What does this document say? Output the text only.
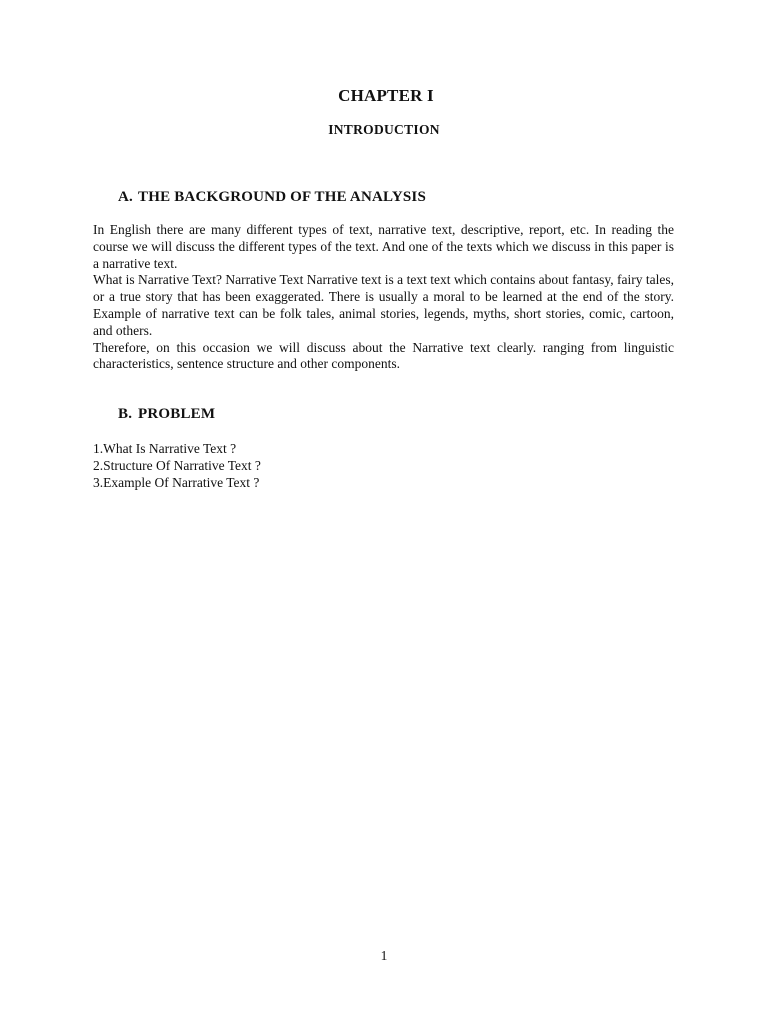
CHAPTER I
INTRODUCTION
A. THE BACKGROUND OF THE ANALYSIS

In English there are many different types of text, narrative text, descriptive, report, etc. In reading the course we will discuss the different types of the text. And one of the texts which we discuss in this paper is a narrative text.

What is Narrative Text? Narrative Text Narrative text is a text text which contains about fantasy, fairy tales, or a true story that has been exaggerated. There is usually a moral to be learned at the end of the story. Example of narrative text can be folk tales, animal stories, legends, myths, short stories, comic, cartoon, and others.

Therefore, on this occasion we will discuss about the Narrative text clearly. ranging from linguistic characteristics, sentence structure and other components.

B. PROBLEM
1.What Is Narrative Text ?
2.Structure Of Narrative Text ?
3.Example Of Narrative Text ?
1
